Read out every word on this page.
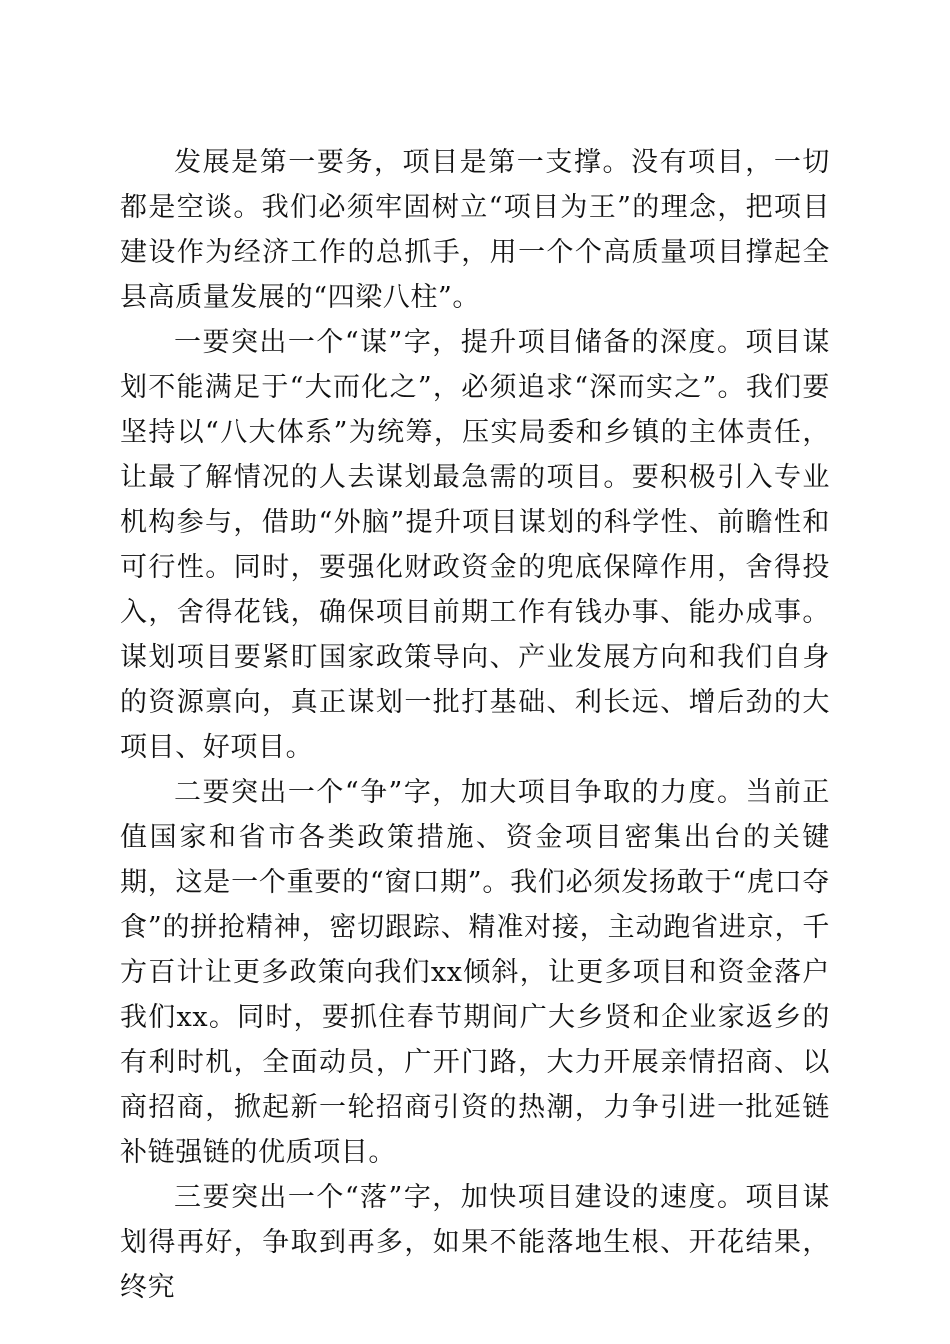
发展是第一要务，项目是第一支撑。没有项目，一切都是空谈。我们必须牢固树立“项目为王”的理念，把项目建设作为经济工作的总抓手，用一个个高质量项目撑起全县高质量发展的“四梁八柱”。

一要突出一个“谋”字，提升项目储备的深度。项目谋划不能满足于“大而化之”，必须追求“深而实之”。我们要坚持以“八大体系”为统筹，压实局委和乡镇的主体责任，让最了解情况的人去谋划最急需的项目。要积极引入专业机构参与，借助“外脑”提升项目谋划的科学性、前瞻性和可行性。同时，要强化财政资金的兜底保障作用，舍得投入，舍得花钱，确保项目前期工作有钱办事、能办成事。谋划项目要紧盯国家政策导向、产业发展方向和我们自身的资源禀向，真正谋划一批打基础、利长远、增后劲的大项目、好项目。

二要突出一个“争”字，加大项目争取的力度。当前正值国家和省市各类政策措施、资金项目密集出台的关键期，这是一个重要的“窗口期”。我们必须发扬敢于“虎口夺食”的拼抢精神，密切跟踪、精准对接，主动跑省进京，千方百计让更多政策向我们xx倾斜，让更多项目和资金落户我们xx。同时，要抓住春节期间广大乡贤和企业家返乡的有利时机，全面动员，广开门路，大力开展亲情招商、以商招商，掀起新一轮招商引资的热潮，力争引进一批延链补链强链的优质项目。

三要突出一个“落”字，加快项目建设的速度。项目谋划得再好，争取到再多，如果不能落地生根、开花结果，终究
